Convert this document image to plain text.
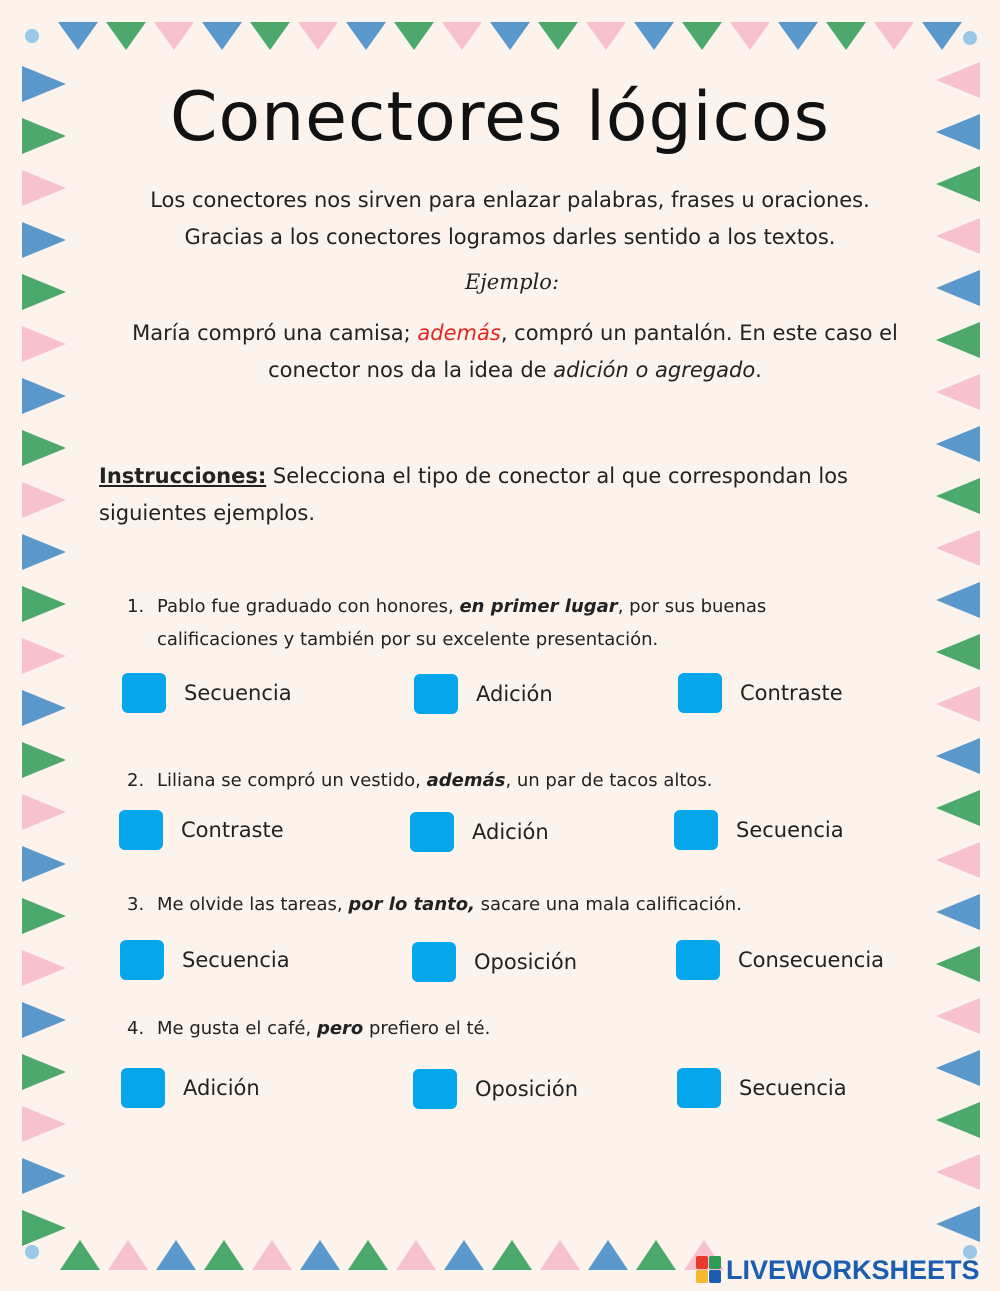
Conectores lógicos
Los conectores nos sirven para enlazar palabras, frases u oraciones.
Gracias a los conectores logramos darles sentido a los textos.
Ejemplo:
María compró una camisa; además, compró un pantalón. En este caso el conector nos da la idea de adición o agregado.
Instrucciones: Selecciona el tipo de conector al que correspondan los siguientes ejemplos.
1. Pablo fue graduado con honores, en primer lugar, por sus buenas
calificaciones y también por su excelente presentación.
Secuencia	Adición	Contraste
2. Liliana se compró un vestido, además, un par de tacos altos.
Contraste	Adición	Secuencia
3. Me olvide las tareas, por lo tanto, sacare una mala calificación.
Secuencia	Oposición	Consecuencia
4. Me gusta el café, pero prefiero el té.
Adición	Oposición	Secuencia
LIVEWORKSHEETS
